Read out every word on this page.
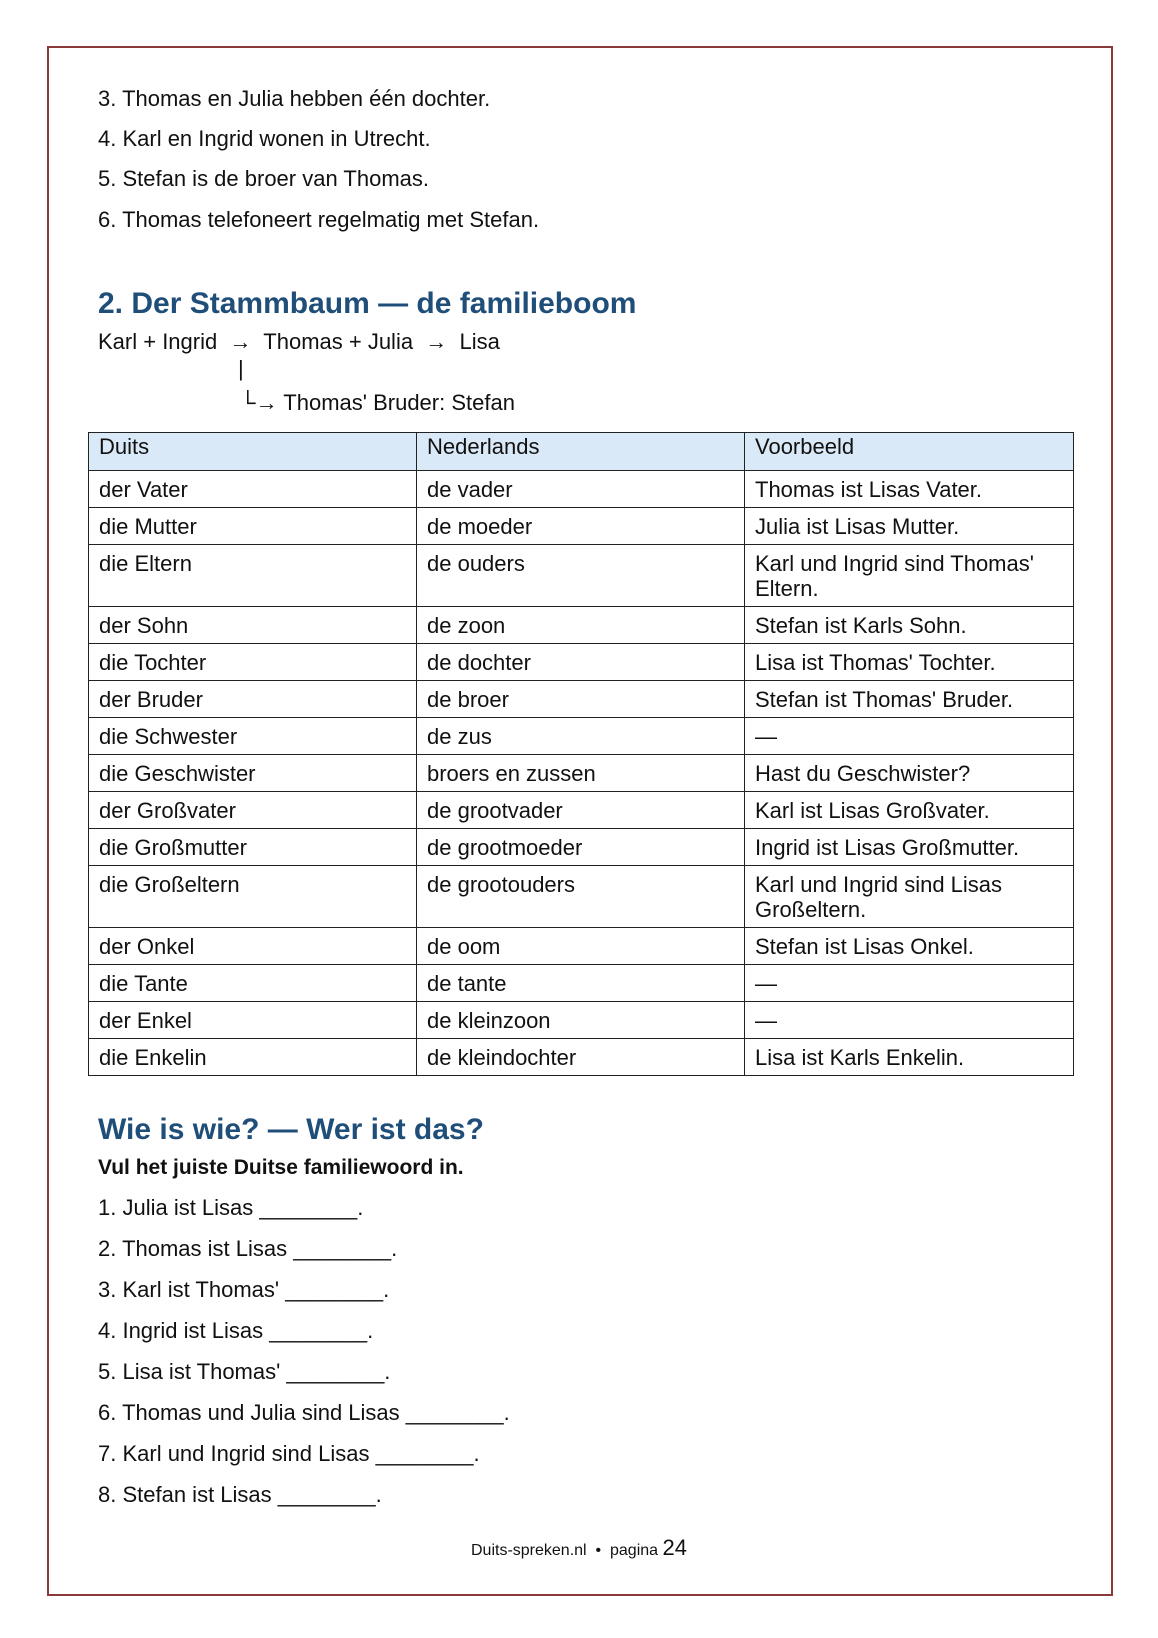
3. Thomas en Julia hebben één dochter.
4. Karl en Ingrid wonen in Utrecht.
5. Stefan is de broer van Thomas.
6. Thomas telefoneert regelmatig met Stefan.
2. Der Stammbaum — de familieboom
Karl + Ingrid  →  Thomas + Julia  →  Lisa
|
└→ Thomas' Bruder: Stefan
Duits	Nederlands	Voorbeeld
der Vater	de vader	Thomas ist Lisas Vater.
die Mutter	de moeder	Julia ist Lisas Mutter.
die Eltern	de ouders	Karl und Ingrid sind Thomas' Eltern.
der Sohn	de zoon	Stefan ist Karls Sohn.
die Tochter	de dochter	Lisa ist Thomas' Tochter.
der Bruder	de broer	Stefan ist Thomas' Bruder.
die Schwester	de zus	—
die Geschwister	broers en zussen	Hast du Geschwister?
der Großvater	de grootvader	Karl ist Lisas Großvater.
die Großmutter	de grootmoeder	Ingrid ist Lisas Großmutter.
die Großeltern	de grootouders	Karl und Ingrid sind Lisas Großeltern.
der Onkel	de oom	Stefan ist Lisas Onkel.
die Tante	de tante	—
der Enkel	de kleinzoon	—
die Enkelin	de kleindochter	Lisa ist Karls Enkelin.
Wie is wie? — Wer ist das?
Vul het juiste Duitse familiewoord in.
1. Julia ist Lisas ________.
2. Thomas ist Lisas ________.
3. Karl ist Thomas' ________.
4. Ingrid ist Lisas ________.
5. Lisa ist Thomas' ________.
6. Thomas und Julia sind Lisas ________.
7. Karl und Ingrid sind Lisas ________.
8. Stefan ist Lisas ________.
Duits-spreken.nl • pagina 24
